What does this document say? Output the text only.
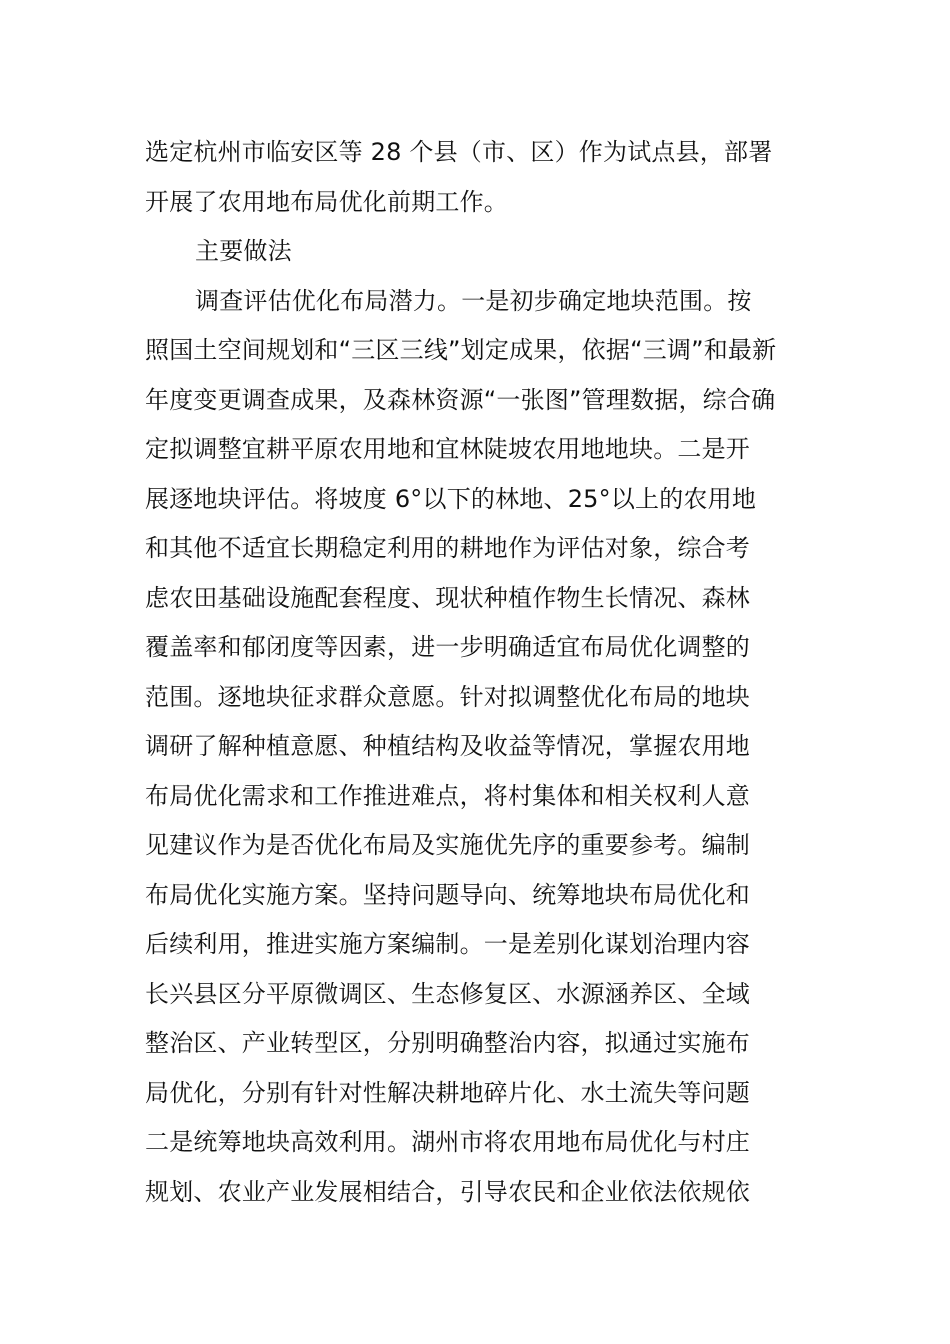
选定杭州市临安区等 28 个县（市、区）作为试点县，部署
开展了农用地布局优化前期工作。
主要做法
调查评估优化布局潜力。一是初步确定地块范围。按
照国土空间规划和“三区三线”划定成果，依据“三调”和最新
年度变更调查成果，及森林资源“一张图”管理数据，综合确
定拟调整宜耕平原农用地和宜林陡坡农用地地块。二是开
展逐地块评估。将坡度 6°以下的林地、25°以上的农用地
和其他不适宜长期稳定利用的耕地作为评估对象，综合考
虑农田基础设施配套程度、现状种植作物生长情况、森林
覆盖率和郁闭度等因素，进一步明确适宜布局优化调整的
范围。逐地块征求群众意愿。针对拟调整优化布局的地块
调研了解种植意愿、种植结构及收益等情况，掌握农用地
布局优化需求和工作推进难点，将村集体和相关权利人意
见建议作为是否优化布局及实施优先序的重要参考。编制
布局优化实施方案。坚持问题导向、统筹地块布局优化和
后续利用，推进实施方案编制。一是差别化谋划治理内容
长兴县区分平原微调区、生态修复区、水源涵养区、全域
整治区、产业转型区，分别明确整治内容，拟通过实施布
局优化，分别有针对性解决耕地碎片化、水土流失等问题
二是统筹地块高效利用。湖州市将农用地布局优化与村庄
规划、农业产业发展相结合，引导农民和企业依法依规依
